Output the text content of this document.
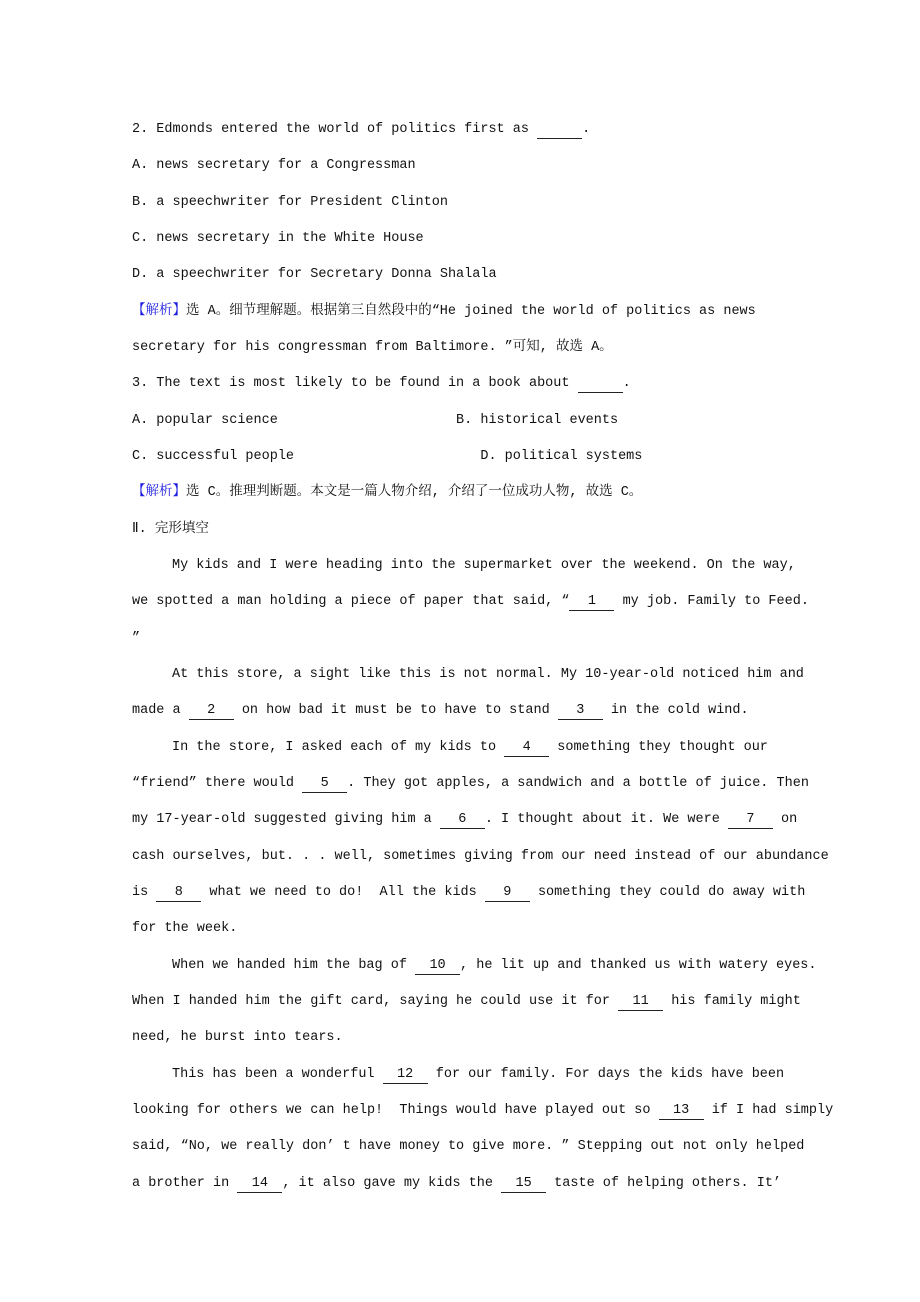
2. Edmonds entered the world of politics first as	.
A. news secretary for a Congressman
B. a speechwriter for President Clinton
C. news secretary in the White House
D. a speechwriter for Secretary Donna Shalala
【解析】选 A。细节理解题。根据第三自然段中的“He joined the world of politics as news
secretary for his congressman from Baltimore. ”可知, 故选 A。
3. The text is most likely to be found in a book about	.
A. popular science                      B. historical events
C. successful people                       D. political systems
【解析】选 C。推理判断题。本文是一篇人物介绍, 介绍了一位成功人物, 故选 C。
Ⅱ. 完形填空
My kids and I were heading into the supermarket over the weekend. On the way,
we spotted a man holding a piece of paper that said, “ 1 my job. Family to Feed.
”
At this store, a sight like this is not normal. My 10-year-old noticed him and
made a 2 on how bad it must be to have to stand 3 in the cold wind.
In the store, I asked each of my kids to 4 something they thought our
“friend” there would 5 . They got apples, a sandwich and a bottle of juice. Then
my 17-year-old suggested giving him a 6 . I thought about it. We were 7 on
cash ourselves, but. . . well, sometimes giving from our need instead of our abundance
is 8 what we need to do!  All the kids 9 something they could do away with
for the week.
When we handed him the bag of 10 , he lit up and thanked us with watery eyes.
When I handed him the gift card, saying he could use it for 11 his family might
need, he burst into tears.
This has been a wonderful 12 for our family. For days the kids have been
looking for others we can help!  Things would have played out so 13 if I had simply
said, “No, we really don’ t have money to give more. ” Stepping out not only helped
a brother in 14 , it also gave my kids the 15 taste of helping others. It’
